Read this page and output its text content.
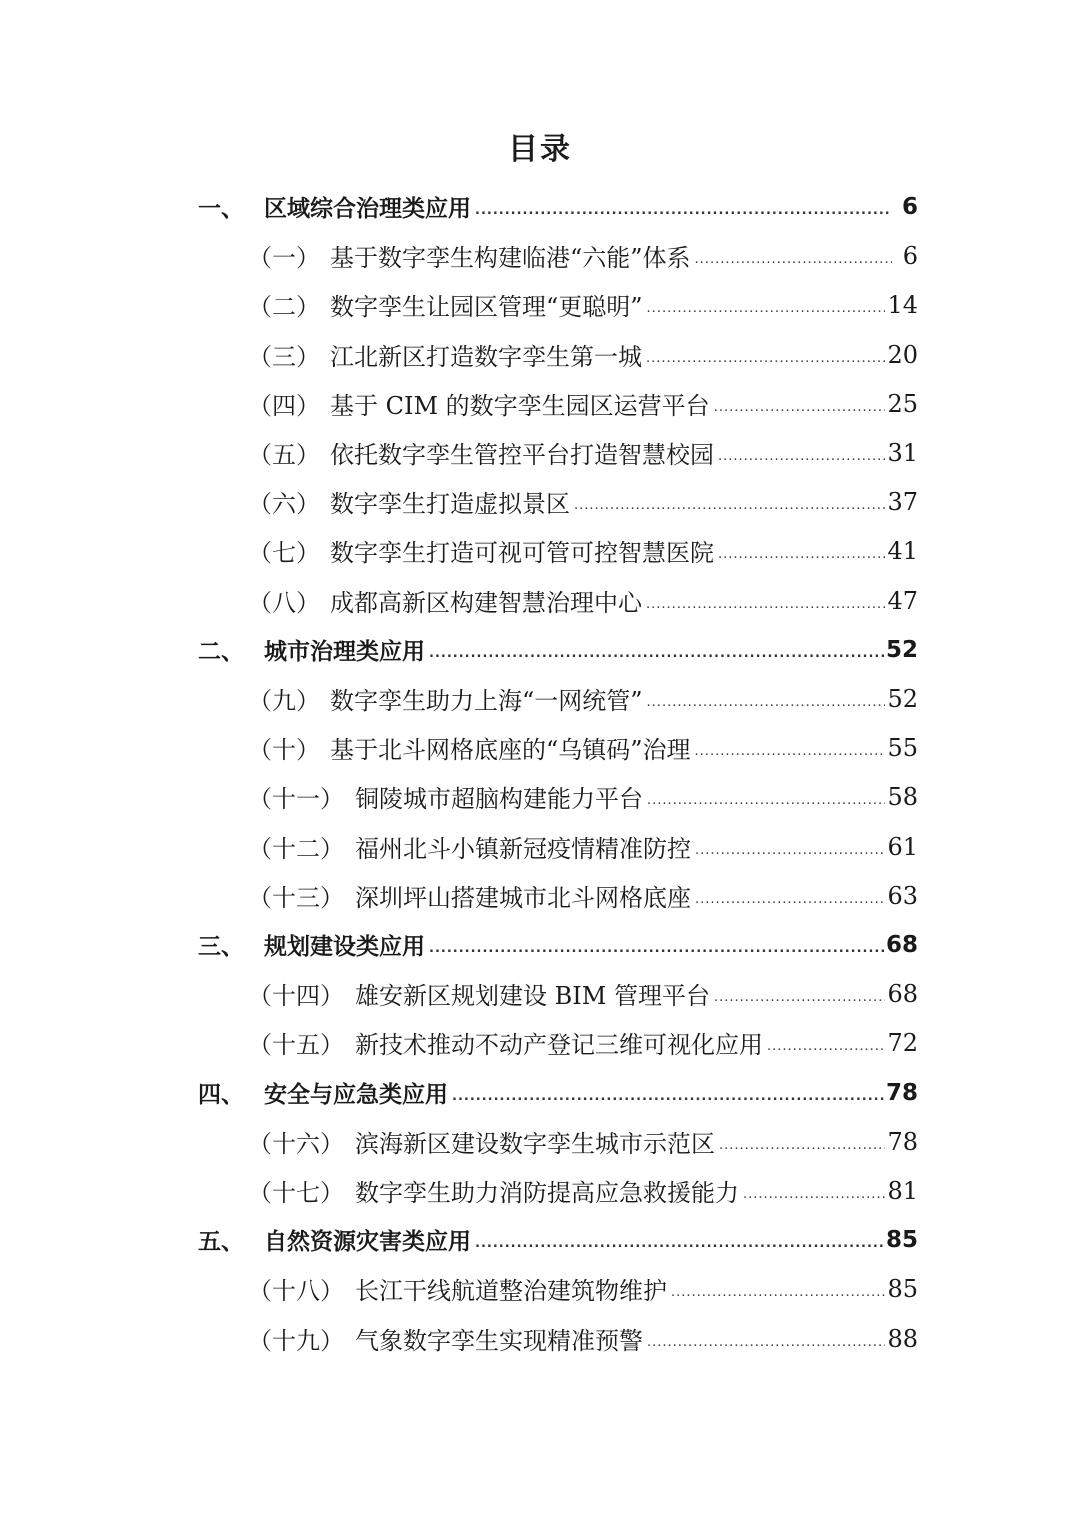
目录
一、 区域综合治理类应用 .....	6
（一） 基于数字孪生构建临港“六能”体系 .....	6
（二） 数字孪生让园区管理“更聪明” .....	14
（三） 江北新区打造数字孪生第一城 .....	20
（四） 基于 CIM 的数字孪生园区运营平台 .....	25
（五） 依托数字孪生管控平台打造智慧校园 .....	31
（六） 数字孪生打造虚拟景区 .....	37
（七） 数字孪生打造可视可管可控智慧医院 .....	41
（八） 成都高新区构建智慧治理中心 .....	47
二、 城市治理类应用 .....	52
（九） 数字孪生助力上海“一网统管” .....	52
（十） 基于北斗网格底座的“乌镇码”治理 .....	55
（十一） 铜陵城市超脑构建能力平台 .....	58
（十二） 福州北斗小镇新冠疫情精准防控 .....	61
（十三） 深圳坪山搭建城市北斗网格底座 .....	63
三、 规划建设类应用 .....	68
（十四） 雄安新区规划建设 BIM 管理平台 .....	68
（十五） 新技术推动不动产登记三维可视化应用 .....	72
四、 安全与应急类应用 .....	78
（十六） 滨海新区建设数字孪生城市示范区 .....	78
（十七） 数字孪生助力消防提高应急救援能力 .....	81
五、 自然资源灾害类应用 .....	85
（十八） 长江干线航道整治建筑物维护 .....	85
（十九） 气象数字孪生实现精准预警 .....	88
